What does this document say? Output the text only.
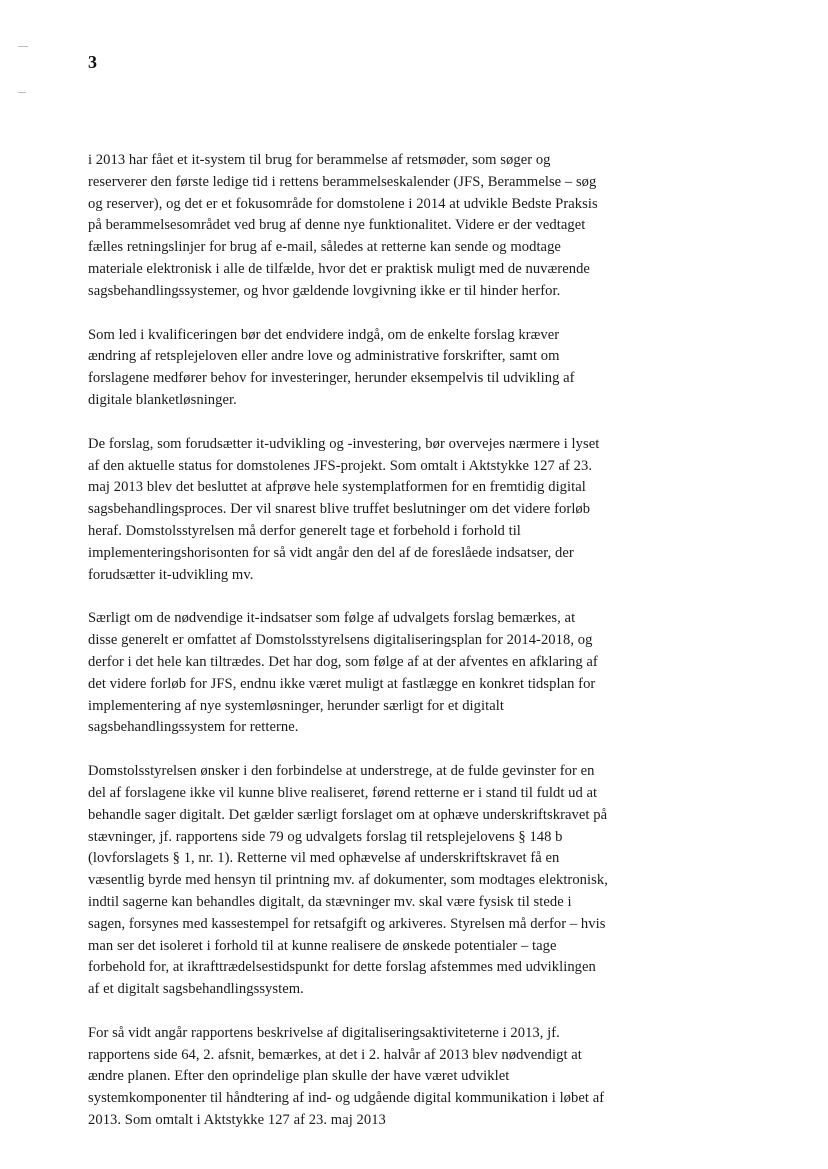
3

i 2013 har fået et it-system til brug for berammelse af retsmøder, som søger og reserverer den første ledige tid i rettens berammelseskalender (JFS, Berammelse – søg og reserver), og det er et fokusområde for domstolene i 2014 at udvikle Bedste Praksis på berammelsesområdet ved brug af denne nye funktionalitet. Videre er der vedtaget fælles retningslinjer for brug af e-mail, således at retterne kan sende og modtage materiale elektronisk i alle de tilfælde, hvor det er praktisk muligt med de nuværende sagsbehandlingssystemer, og hvor gældende lovgivning ikke er til hinder herfor.

Som led i kvalificeringen bør det endvidere indgå, om de enkelte forslag kræver ændring af retsplejeloven eller andre love og administrative forskrifter, samt om forslagene medfører behov for investeringer, herunder eksempelvis til udvikling af digitale blanketløsninger.

De forslag, som forudsætter it-udvikling og -investering, bør overvejes nærmere i lyset af den aktuelle status for domstolenes JFS-projekt. Som omtalt i Aktstykke 127 af 23. maj 2013 blev det besluttet at afprøve hele systemplatformen for en fremtidig digital sagsbehandlingsproces. Der vil snarest blive truffet beslutninger om det videre forløb heraf. Domstolsstyrelsen må derfor generelt tage et forbehold i forhold til implementeringshorisonten for så vidt angår den del af de foreslåede indsatser, der forudsætter it-udvikling mv.

Særligt om de nødvendige it-indsatser som følge af udvalgets forslag bemærkes, at disse generelt er omfattet af Domstolsstyrelsens digitaliseringsplan for 2014-2018, og derfor i det hele kan tiltrædes. Det har dog, som følge af at der afventes en afklaring af det videre forløb for JFS, endnu ikke været muligt at fastlægge en konkret tidsplan for implementering af nye systemløsninger, herunder særligt for et digitalt sagsbehandlingssystem for retterne.

Domstolsstyrelsen ønsker i den forbindelse at understrege, at de fulde gevinster for en del af forslagene ikke vil kunne blive realiseret, førend retterne er i stand til fuldt ud at behandle sager digitalt. Det gælder særligt forslaget om at ophæve underskriftskravet på stævninger, jf. rapportens side 79 og udvalgets forslag til retsplejelovens § 148 b (lovforslagets § 1, nr. 1). Retterne vil med ophævelse af underskriftskravet få en væsentlig byrde med hensyn til printning mv. af dokumenter, som modtages elektronisk, indtil sagerne kan behandles digitalt, da stævninger mv. skal være fysisk til stede i sagen, forsynes med kassestempel for retsafgift og arkiveres. Styrelsen må derfor – hvis man ser det isoleret i forhold til at kunne realisere de ønskede potentialer – tage forbehold for, at ikrafttrædelsestidspunkt for dette forslag afstemmes med udviklingen af et digitalt sagsbehandlingssystem.

For så vidt angår rapportens beskrivelse af digitaliseringsaktiviteterne i 2013, jf. rapportens side 64, 2. afsnit, bemærkes, at det i 2. halvår af 2013 blev nødvendigt at ændre planen. Efter den oprindelige plan skulle der have været udviklet systemkomponenter til håndtering af ind- og udgående digital kommunikation i løbet af 2013. Som omtalt i Aktstykke 127 af 23. maj 2013
